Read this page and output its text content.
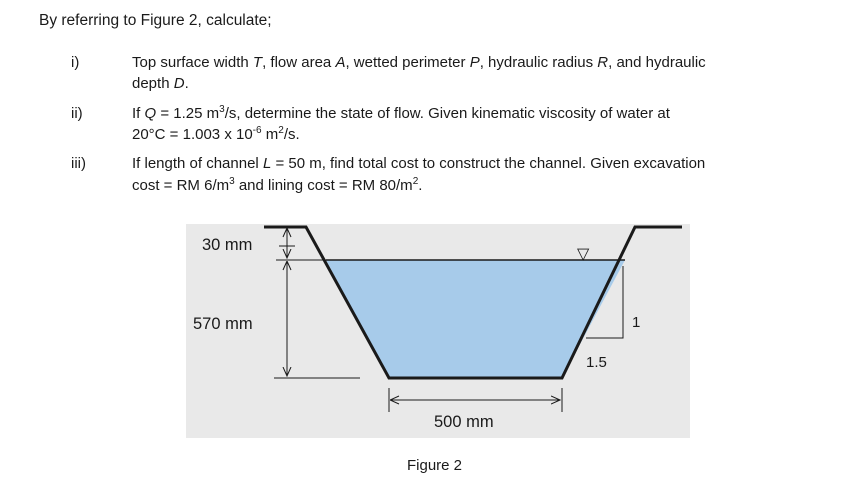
By referring to Figure 2, calculate;
i)	Top surface width T, flow area A, wetted perimeter P, hydraulic radius R, and hydraulic
depth D.
ii)	If Q = 1.25 $m^3/s$, determine the state of flow. Given kinematic viscosity of water at
20°C = 1.003 x $10^{-6}$ $m^2/s$.
iii)	If length of channel L = 50 m, find total cost to construct the channel. Given excavation
cost = RM $6/m^3$ and lining cost = RM $80/m^2$.
▽
30 mm
570 mm
500 mm
1
1.5
Figure 2
